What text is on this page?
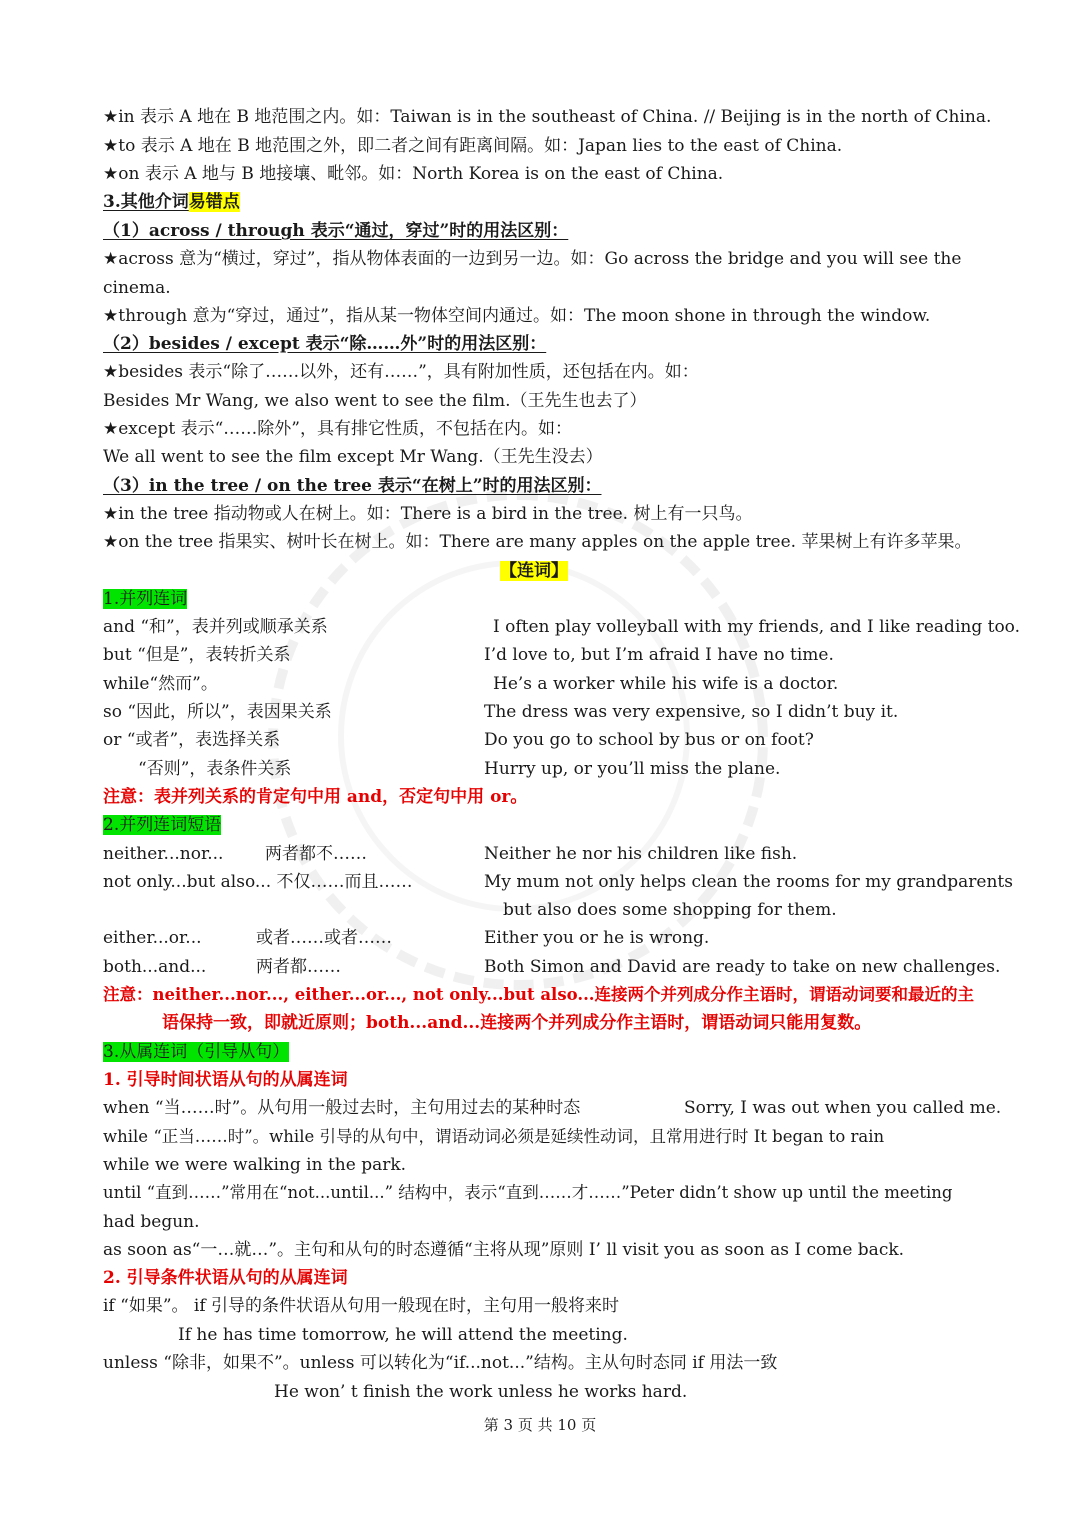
★in 表示 A 地在 B 地范围之内。如：Taiwan is in the southeast of China. // Beijing is in the north of China.
★to 表示 A 地在 B 地范围之外，即二者之间有距离间隔。如：Japan lies to the east of China.
★on 表示 A 地与 B 地接壤、毗邻。如：North Korea is on the east of China.
3.其他介词易错点
（1）across / through 表示“通过，穿过”时的用法区别：
★across 意为“横过，穿过”，指从物体表面的一边到另一边。如：Go across the bridge and you will see the
cinema.
★through 意为“穿过，通过”，指从某一物体空间内通过。如：The moon shone in through the window.
（2）besides / except 表示“除……外”时的用法区别：
★besides 表示“除了……以外，还有……”，具有附加性质，还包括在内。如：
Besides Mr Wang, we also went to see the film.（王先生也去了）
★except 表示“……除外”，具有排它性质，不包括在内。如：
We all went to see the film except Mr Wang.（王先生没去）
（3）in the tree / on the tree 表示“在树上”时的用法区别：
★in the tree 指动物或人在树上。如：There is a bird in the tree. 树上有一只鸟。
★on the tree 指果实、树叶长在树上。如：There are many apples on the apple tree. 苹果树上有许多苹果。
【连词】
1.并列连词
and “和”，表并列或顺承关系	I often play volleyball with my friends, and I like reading too.
but “但是”，表转折关系	I’d love to, but I’m afraid I have no time.
while“然而”。	He’s a worker while his wife is a doctor.
so “因此，所以”，表因果关系	The dress was very expensive, so I didn’t buy it.
or “或者”，表选择关系	Do you go to school by bus or on foot?
“否则”，表条件关系	Hurry up, or you’ll miss the plane.
注意：表并列关系的肯定句中用 and，否定句中用 or。
2.并列连词短语
neither...nor... 两者都不……	Neither he nor his children like fish.
not only...but also... 不仅……而且……	My mum not only helps clean the rooms for my grandparents
but also does some shopping for them.
either...or...	或者……或者……	Either you or he is wrong.
both...and...	两者都……	Both Simon and David are ready to take on new challenges.
注意：neither...nor..., either...or..., not only...but also...连接两个并列成分作主语时，谓语动词要和最近的主
语保持一致，即就近原则；both...and...连接两个并列成分作主语时，谓语动词只能用复数。
3.从属连词（引导从句）
1. 引导时间状语从句的从属连词
when “当……时”。从句用一般过去时，主句用过去的某种时态	Sorry, I was out when you called me.
while “正当……时”。while 引导的从句中，谓语动词必须是延续性动词，且常用进行时 It began to rain
while we were walking in the park.
until “直到……”常用在“not...until...” 结构中，表示“直到……才……”Peter didn’t show up until the meeting
had begun.
as soon as“一…就…”。主句和从句的时态遵循“主将从现”原则 I’ ll visit you as soon as I come back.
2. 引导条件状语从句的从属连词
if “如果”。 if 引导的条件状语从句用一般现在时，主句用一般将来时
If he has time tomorrow, he will attend the meeting.
unless “除非，如果不”。unless 可以转化为“if...not...”结构。主从句时态同 if 用法一致
He won’ t finish the work unless he works hard.
第 3 页 共 10 页
